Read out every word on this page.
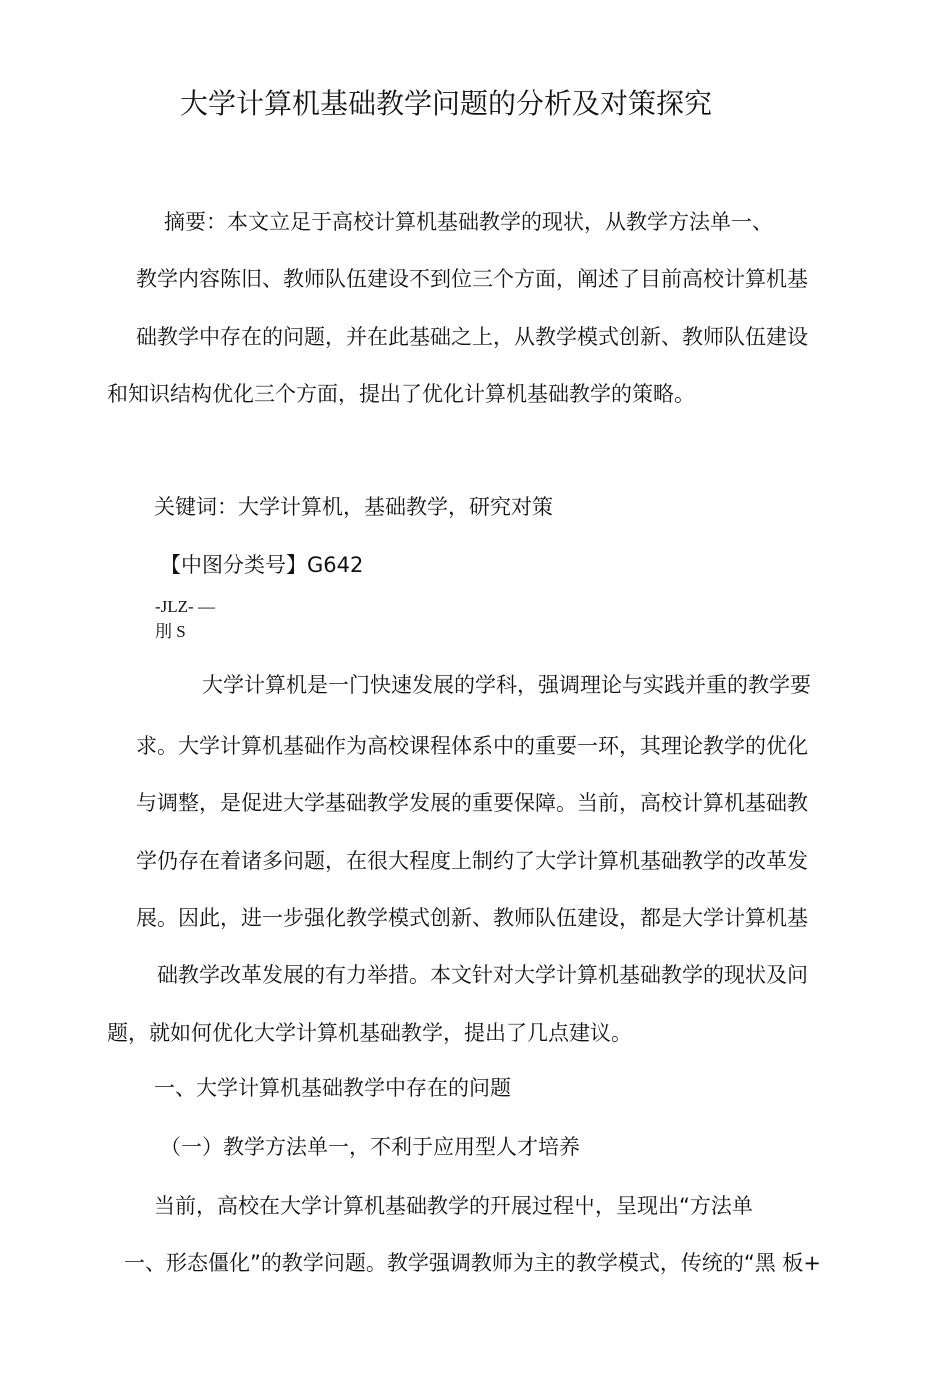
大学计算机基础教学问题的分析及对策探究
摘要：本文立足于高校计算机基础教学的现状，从教学方法单一、
教学内容陈旧、教师队伍建设不到位三个方面，阐述了目前高校计算机基
础教学中存在的问题，并在此基础之上，从教学模式创新、教师队伍建设
和知识结构优化三个方面，提出了优化计算机基础教学的策略。
关键词：大学计算机，基础教学，研究对策
【中图分类号】G642
-JLZ- —
刖 S
大学计算机是一门快速发展的学科，强调理论与实践并重的教学要
求。大学计算机基础作为高校课程体系中的重要一环，其理论教学的优化
与调整，是促进大学基础教学发展的重要保障。当前，高校计算机基础教
学仍存在着诸多问题，在很大程度上制约了大学计算机基础教学的改革发
展。因此，进一步强化教学模式创新、教师队伍建设，都是大学计算机基
础教学改革发展的有力举措。本文针对大学计算机基础教学的现状及问
题，就如何优化大学计算机基础教学，提出了几点建议。
一、大学计算机基础教学中存在的问题
（一）教学方法单一，不利于应用型人才培养
当前，高校在大学计算机基础教学的幵展过程屮，呈现出“方法单
一、形态僵化”的教学问题。教学强调教师为主的教学模式，传统的“黑 板+
